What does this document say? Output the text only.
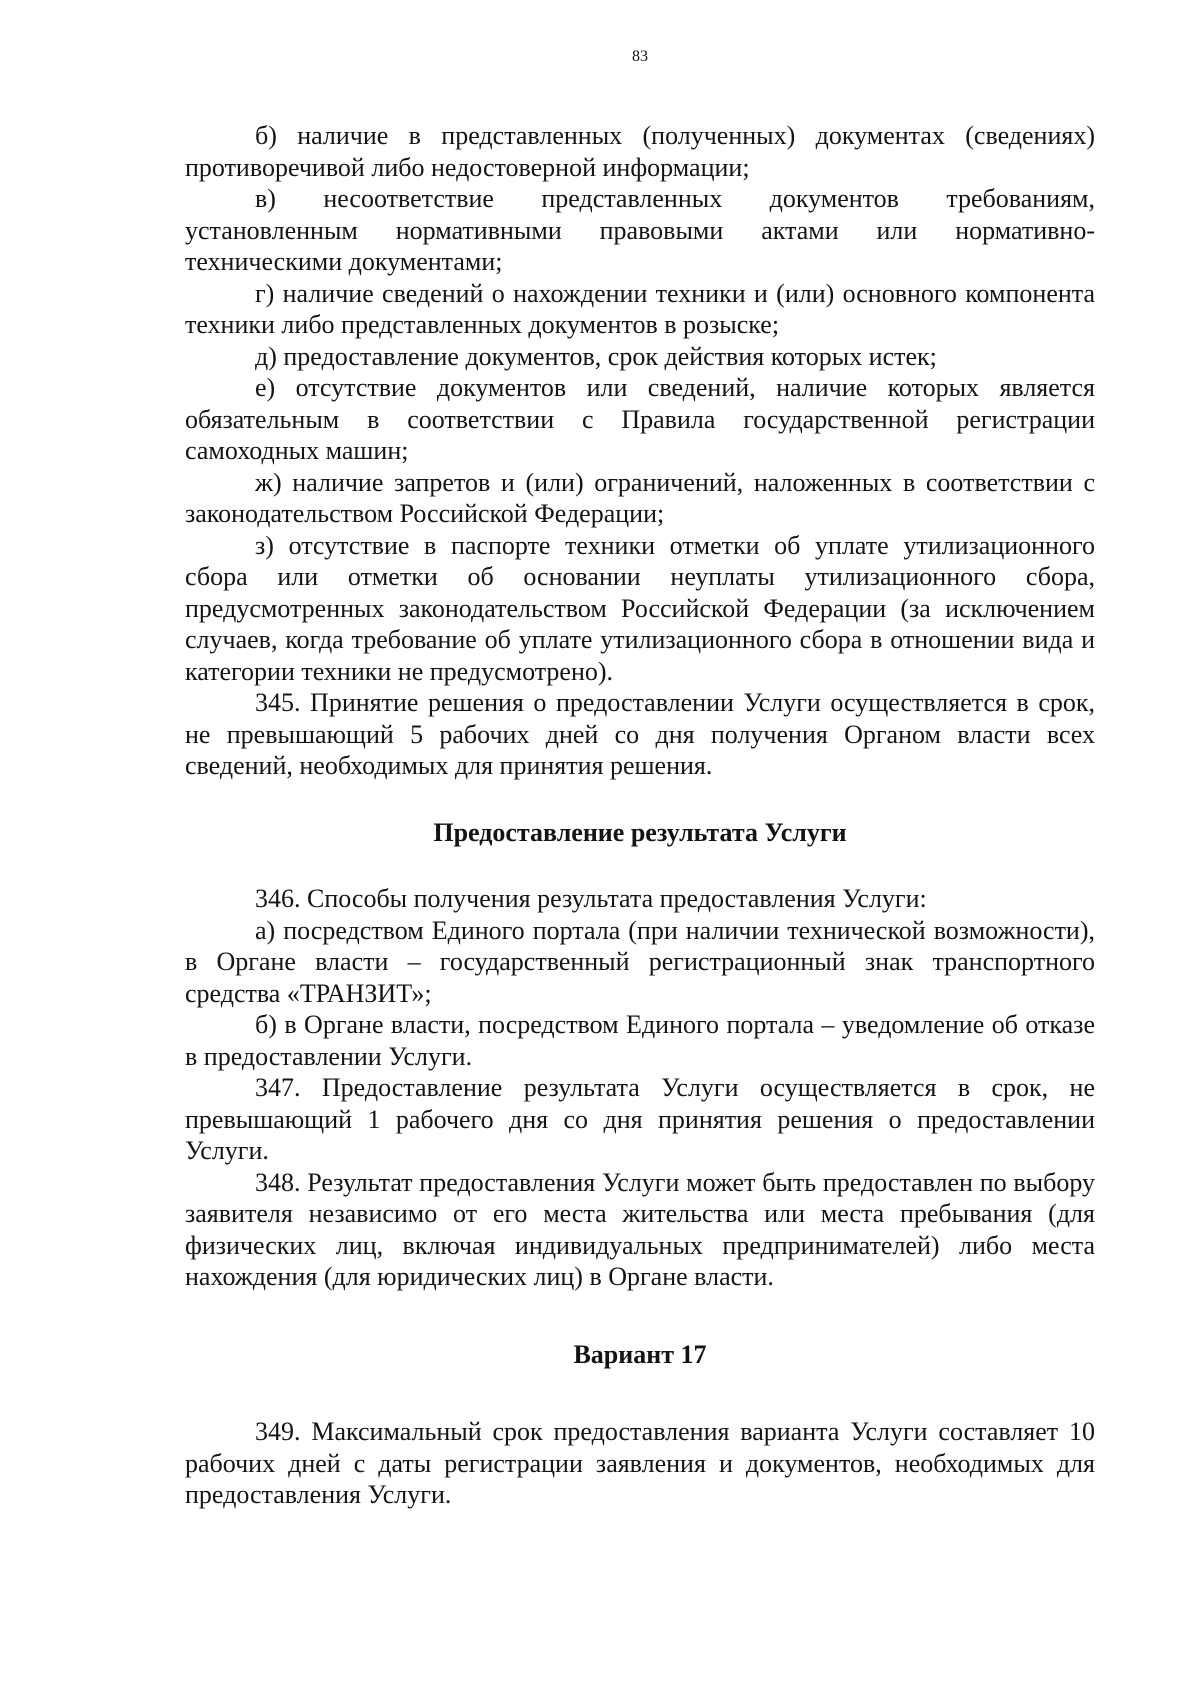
83

б) наличие в представленных (полученных) документах (сведениях) противоречивой либо недостоверной информации;

в) несоответствие представленных документов требованиям, установленным нормативными правовыми актами или нормативно-техническими документами;

г) наличие сведений о нахождении техники и (или) основного компонента техники либо представленных документов в розыске;

д) предоставление документов, срок действия которых истек;

е) отсутствие документов или сведений, наличие которых является обязательным в соответствии с Правила государственной регистрации самоходных машин;

ж) наличие запретов и (или) ограничений, наложенных в соответствии с законодательством Российской Федерации;

з) отсутствие в паспорте техники отметки об уплате утилизационного сбора или отметки об основании неуплаты утилизационного сбора, предусмотренных законодательством Российской Федерации (за исключением случаев, когда требование об уплате утилизационного сбора в отношении вида и категории техники не предусмотрено).

345. Принятие решения о предоставлении Услуги осуществляется в срок, не превышающий 5 рабочих дней со дня получения Органом власти всех сведений, необходимых для принятия решения.

Предоставление результата Услуги

346. Способы получения результата предоставления Услуги:

а) посредством Единого портала (при наличии технической возможности), в Органе власти – государственный регистрационный знак транспортного средства «ТРАНЗИТ»;

б) в Органе власти, посредством Единого портала – уведомление об отказе в предоставлении Услуги.

347. Предоставление результата Услуги осуществляется в срок, не превышающий 1 рабочего дня со дня принятия решения о предоставлении Услуги.

348. Результат предоставления Услуги может быть предоставлен по выбору заявителя независимо от его места жительства или места пребывания (для физических лиц, включая индивидуальных предпринимателей) либо места нахождения (для юридических лиц) в Органе власти.

Вариант 17

349. Максимальный срок предоставления варианта Услуги составляет 10 рабочих дней с даты регистрации заявления и документов, необходимых для предоставления Услуги.
